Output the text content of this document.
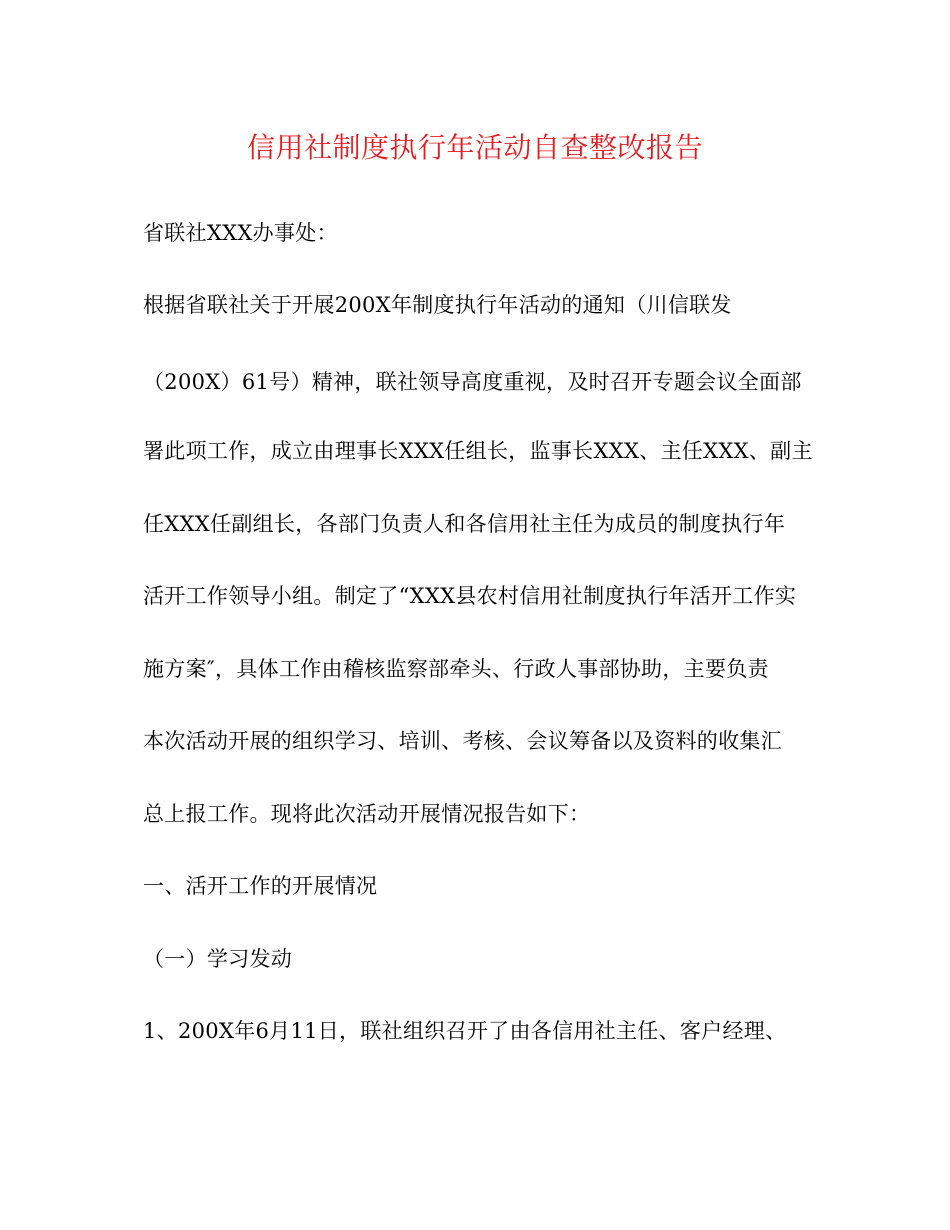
信用社制度执行年活动自查整改报告
省联社XXX办事处：
根据省联社关于开展200X年制度执行年活动的通知（川信联发
（200X）61号）精神，联社领导高度重视，及时召开专题会议全面部
署此项工作，成立由理事长XXX任组长，监事长XXX、主任XXX、副主
任XXX任副组长，各部门负责人和各信用社主任为成员的制度执行年
活开工作领导小组。制定了“XXX县农村信用社制度执行年活开工作实
施方案″，具体工作由稽核监察部牵头、行政人事部协助，主要负责
本次活动开展的组织学习、培训、考核、会议筹备以及资料的收集汇
总上报工作。现将此次活动开展情况报告如下：
一、活开工作的开展情况
（一）学习发动
1、200X年6月11日，联社组织召开了由各信用社主任、客户经理、
